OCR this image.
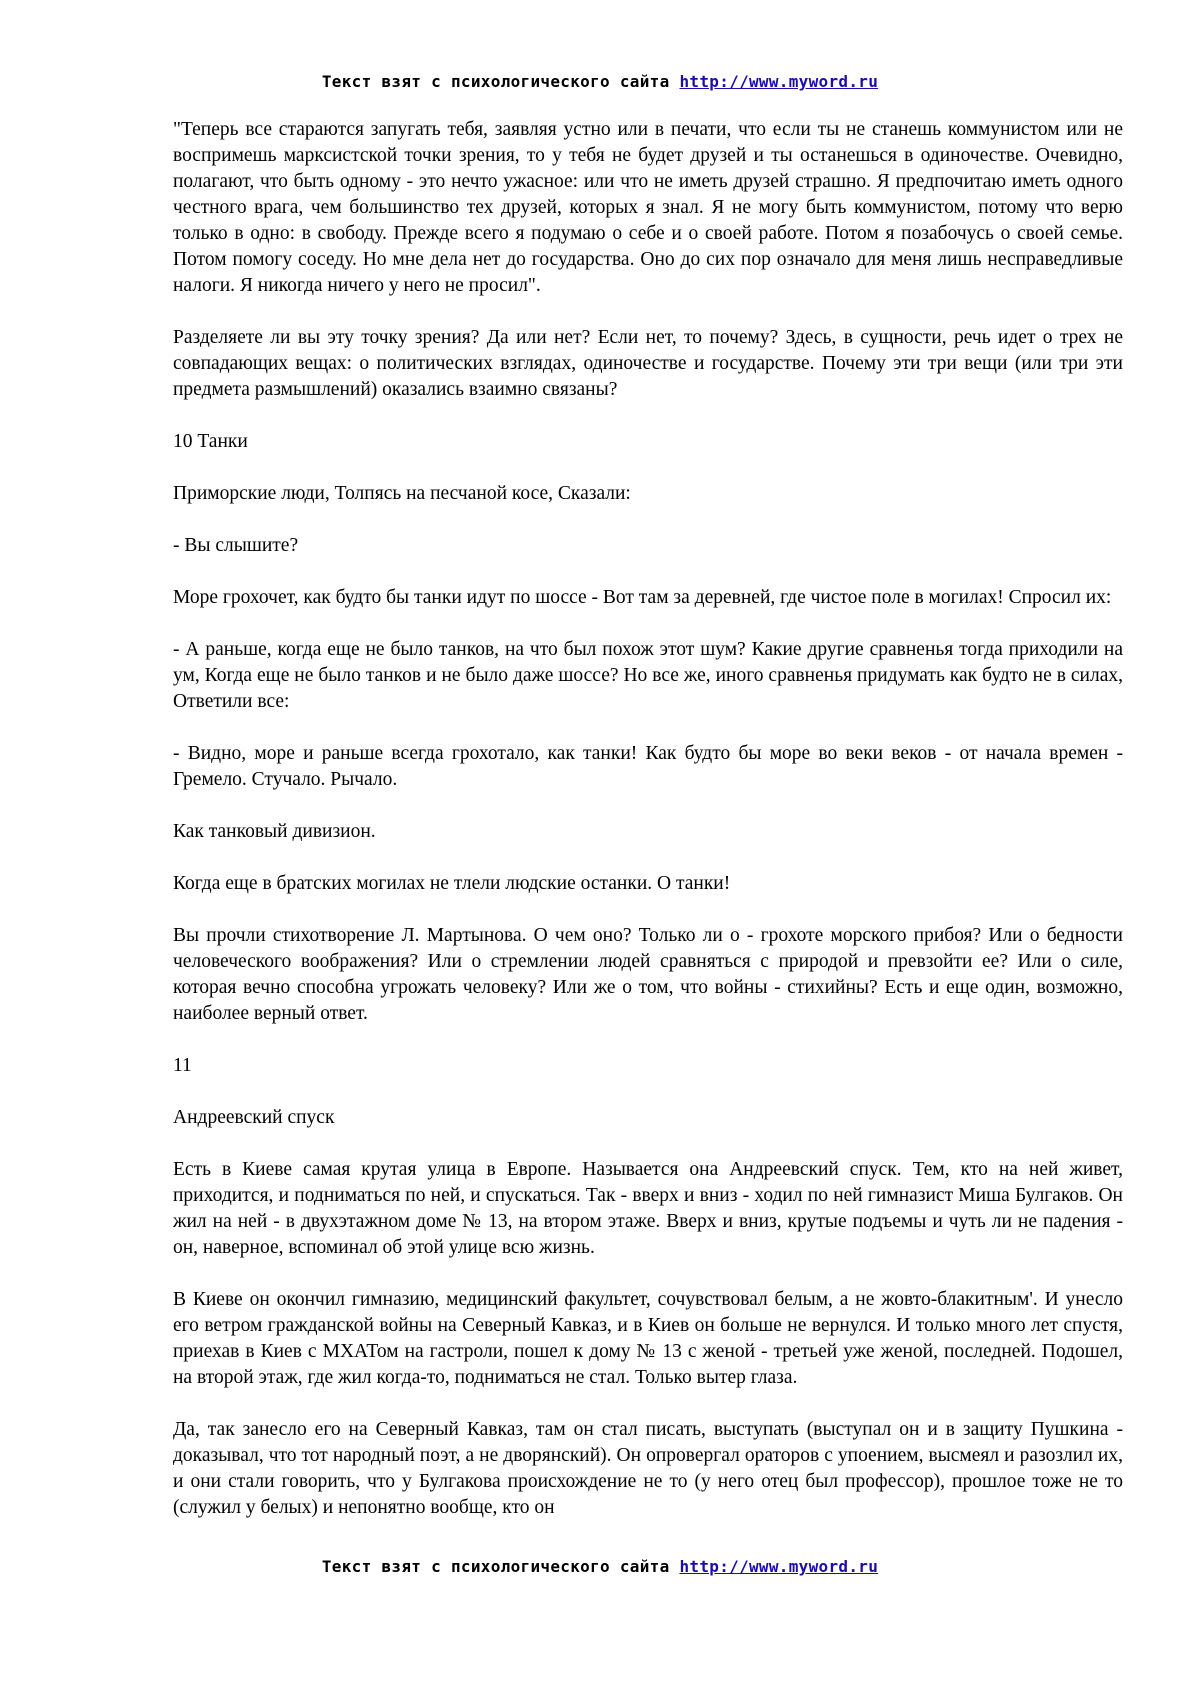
Текст взят с психологического сайта http://www.myword.ru

"Теперь все стараются запугать тебя, заявляя устно или в печати, что если ты не станешь коммунистом или не воспримешь марксистской точки зрения, то у тебя не будет друзей и ты останешься в одиночестве. Очевидно, полагают, что быть одному - это нечто ужасное: или что не иметь друзей страшно. Я предпочитаю иметь одного честного врага, чем большинство тех друзей, которых я знал. Я не могу быть коммунистом, потому что верю только в одно: в свободу. Прежде всего я подумаю о себе и о своей работе. Потом я позабочусь о своей семье. Потом помогу соседу. Но мне дела нет до государства. Оно до сих пор означало для меня лишь несправедливые налоги. Я никогда ничего у него не просил".

Разделяете ли вы эту точку зрения? Да или нет? Если нет, то почему? Здесь, в сущности, речь идет о трех не совпадающих вещах: о политических взглядах, одиночестве и государстве. Почему эти три вещи (или три эти предмета размышлений) оказались взаимно связаны?

10 Танки

Приморские люди, Толпясь на песчаной косе, Сказали:

- Вы слышите?

Море грохочет, как будто бы танки идут по шоссе - Вот там за деревней, где чистое поле в могилах! Спросил их:

- А раньше, когда еще не было танков, на что был похож этот шум? Какие другие сравненья тогда приходили на ум, Когда еще не было танков и не было даже шоссе? Но все же, иного сравненья придумать как будто не в силах, Ответили все:

- Видно, море и раньше всегда грохотало, как танки! Как будто бы море во веки веков - от начала времен - Гремело. Стучало. Рычало.

Как танковый дивизион.

Когда еще в братских могилах не тлели людские останки. О танки!

Вы прочли стихотворение Л. Мартынова. О чем оно? Только ли о - грохоте морского прибоя? Или о бедности человеческого воображения? Или о стремлении людей сравняться с природой и превзойти ее? Или о силе, которая вечно способна угрожать человеку? Или же о том, что войны - стихийны? Есть и еще один, возможно, наиболее верный ответ.

11

Андреевский спуск

Есть в Киеве самая крутая улица в Европе. Называется она Андреевский спуск. Тем, кто на ней живет, приходится, и подниматься по ней, и спускаться. Так - вверх и вниз - ходил по ней гимназист Миша Булгаков. Он жил на ней - в двухэтажном доме № 13, на втором этаже. Вверх и вниз, крутые подъемы и чуть ли не падения - он, наверное, вспоминал об этой улице всю жизнь.

В Киеве он окончил гимназию, медицинский факультет, сочувствовал белым, а не жовто-блакитным'. И унесло его ветром гражданской войны на Северный Кавказ, и в Киев он больше не вернулся. И только много лет спустя, приехав в Киев с МХАТом на гастроли, пошел к дому № 13 с женой - третьей уже женой, последней. Подошел, на второй этаж, где жил когда-то, подниматься не стал. Только вытер глаза.

Да, так занесло его на Северный Кавказ, там он стал писать, выступать (выступал он и в защиту Пушкина - доказывал, что тот народный поэт, а не дворянский). Он опровергал ораторов с упоением, высмеял и разозлил их, и они стали говорить, что у Булгакова происхождение не то (у него отец был профессор), прошлое тоже не то (служил у белых) и непонятно вообще, кто он

Текст взят с психологического сайта http://www.myword.ru
